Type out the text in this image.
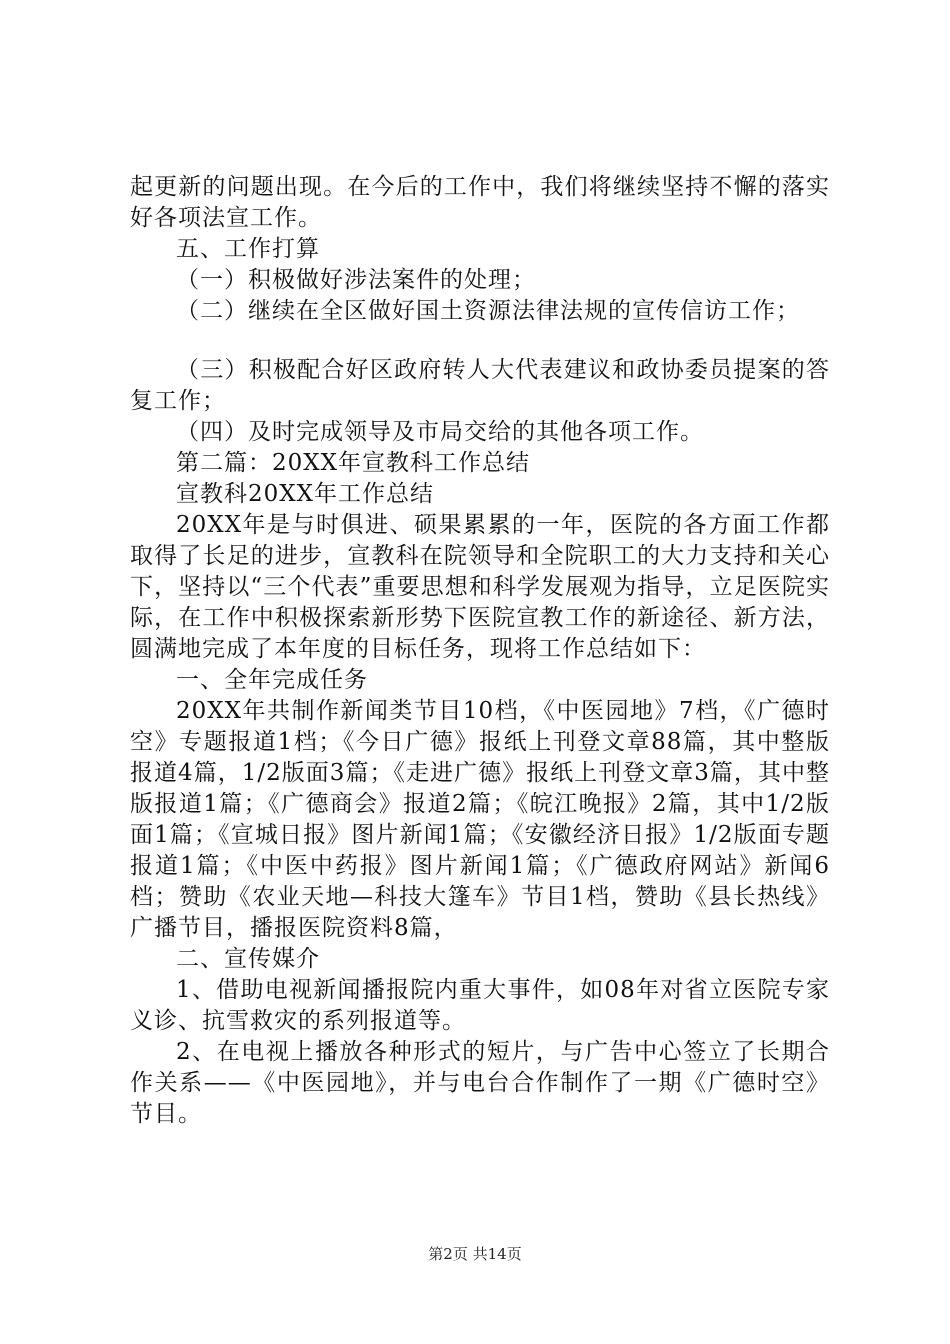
起更新的问题出现。在今后的工作中，我们将继续坚持不懈的落实好各项法宣工作。

五、工作打算

（一）积极做好涉法案件的处理；

（二）继续在全区做好国土资源法律法规的宣传信访工作；

（三）积极配合好区政府转人大代表建议和政协委员提案的答复工作；

（四）及时完成领导及市局交给的其他各项工作。

第二篇：20XX年宣教科工作总结

宣教科20XX年工作总结

20XX年是与时俱进、硕果累累的一年，医院的各方面工作都取得了长足的进步，宣教科在院领导和全院职工的大力支持和关心下，坚持以“三个代表”重要思想和科学发展观为指导，立足医院实际，在工作中积极探索新形势下医院宣教工作的新途径、新方法，圆满地完成了本年度的目标任务，现将工作总结如下：

一、全年完成任务

20XX年共制作新闻类节目10档，《中医园地》7档，《广德时空》专题报道1档；《今日广德》报纸上刊登文章88篇，其中整版报道4篇，1/2版面3篇；《走进广德》报纸上刊登文章3篇，其中整版报道1篇；《广德商会》报道2篇；《皖江晚报》2篇，其中1/2版面1篇；《宣城日报》图片新闻1篇；《安徽经济日报》1/2版面专题报道1篇；《中医中药报》图片新闻1篇；《广德政府网站》新闻6档；赞助《农业天地—科技大篷车》节目1档，赞助《县长热线》广播节目，播报医院资料8篇，

二、宣传媒介

1、借助电视新闻播报院内重大事件，如08年对省立医院专家义诊、抗雪救灾的系列报道等。

2、在电视上播放各种形式的短片，与广告中心签立了长期合作关系——《中医园地》，并与电台合作制作了一期《广德时空》节目。

第2页 共14页
